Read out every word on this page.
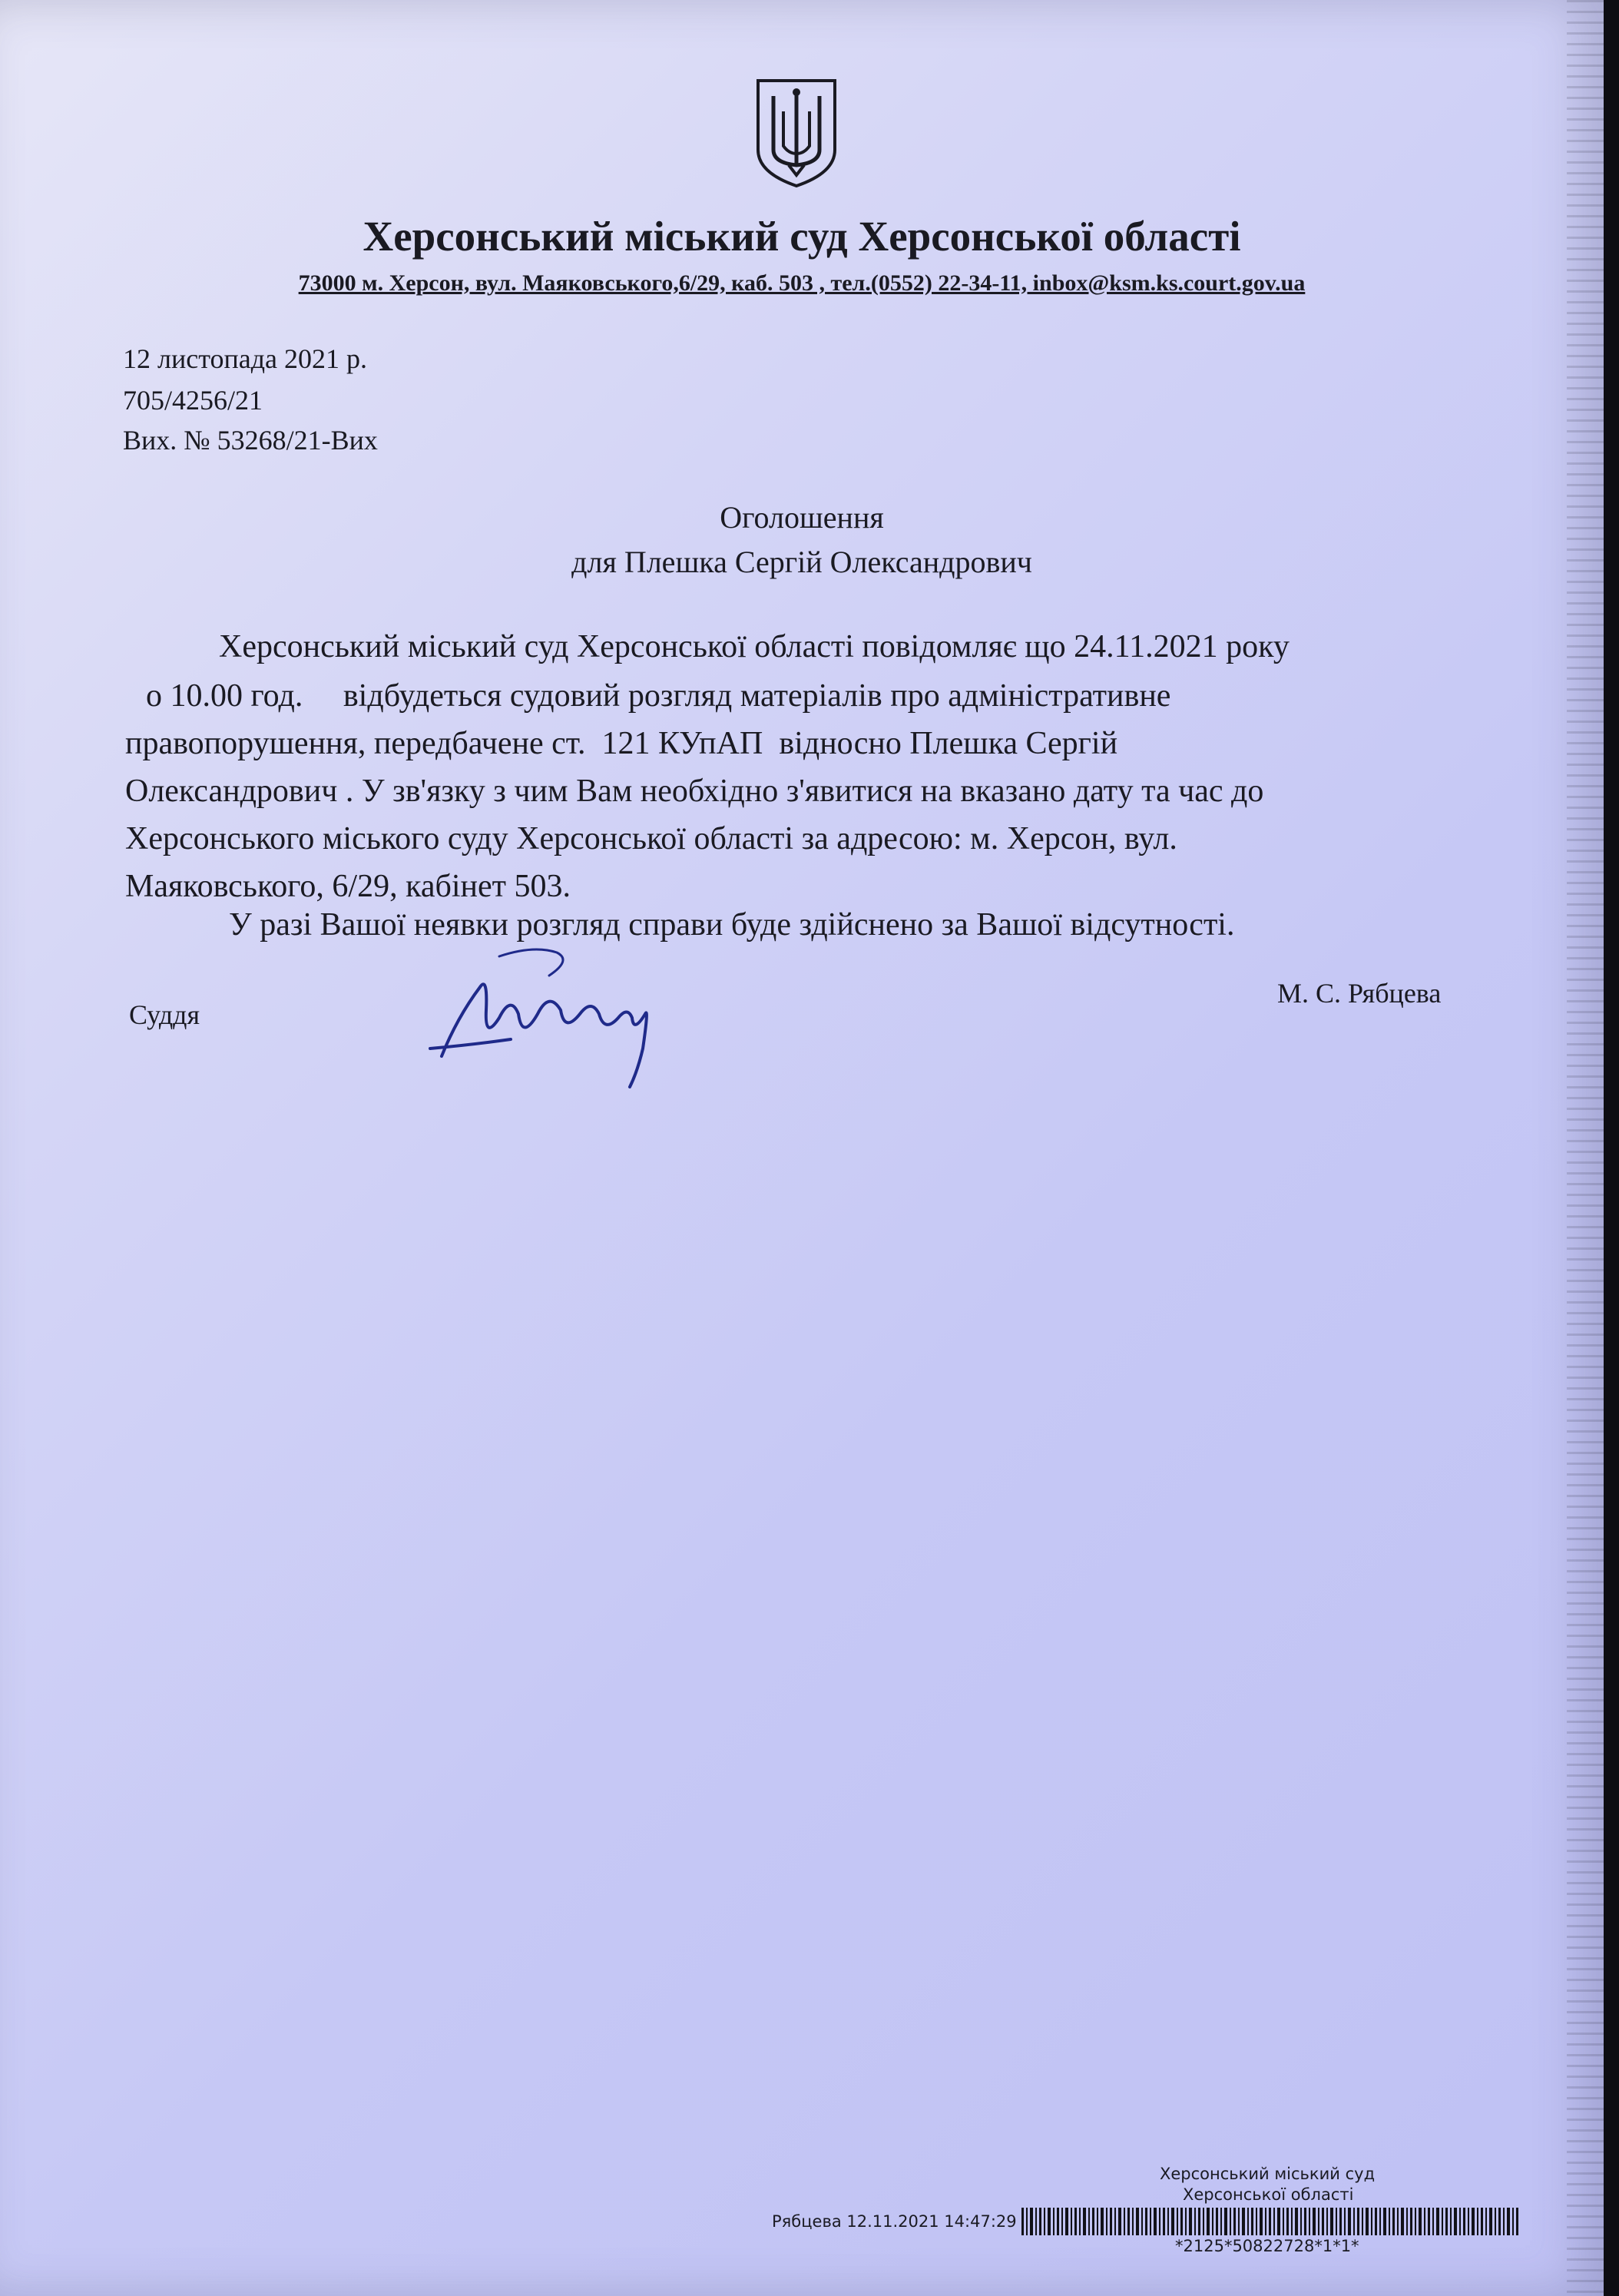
Херсонський міський суд Херсонської області
73000 м. Херсон, вул. Маяковського,6/29, каб. 503 , тел.(0552) 22-34-11, inbox@ksm.ks.court.gov.ua
12 листопада 2021 р.
705/4256/21
Вих. № 53268/21-Вих
Оголошення
для Плешка Сергій Олександрович
Херсонський міський суд Херсонської області повідомляє що 24.11.2021 року
о 10.00 год.     відбудеться судовий розгляд матеріалів про адміністративне
правопорушення, передбачене ст.  121 КУпАП  відносно Плешка Сергій
Олександрович . У зв'язку з чим Вам необхідно з'явитися на вказано дату та час до
Херсонського міського суду Херсонської області за адресою: м. Херсон, вул.
Маяковського, 6/29, кабінет 503.
У разі Вашої неявки розгляд справи буде здійснено за Вашої відсутності.
Суддя
М. С. Рябцева
Херсонський міський суд
Херсонської області
Рябцева 12.11.2021 14:47:29
*2125*50822728*1*1*
